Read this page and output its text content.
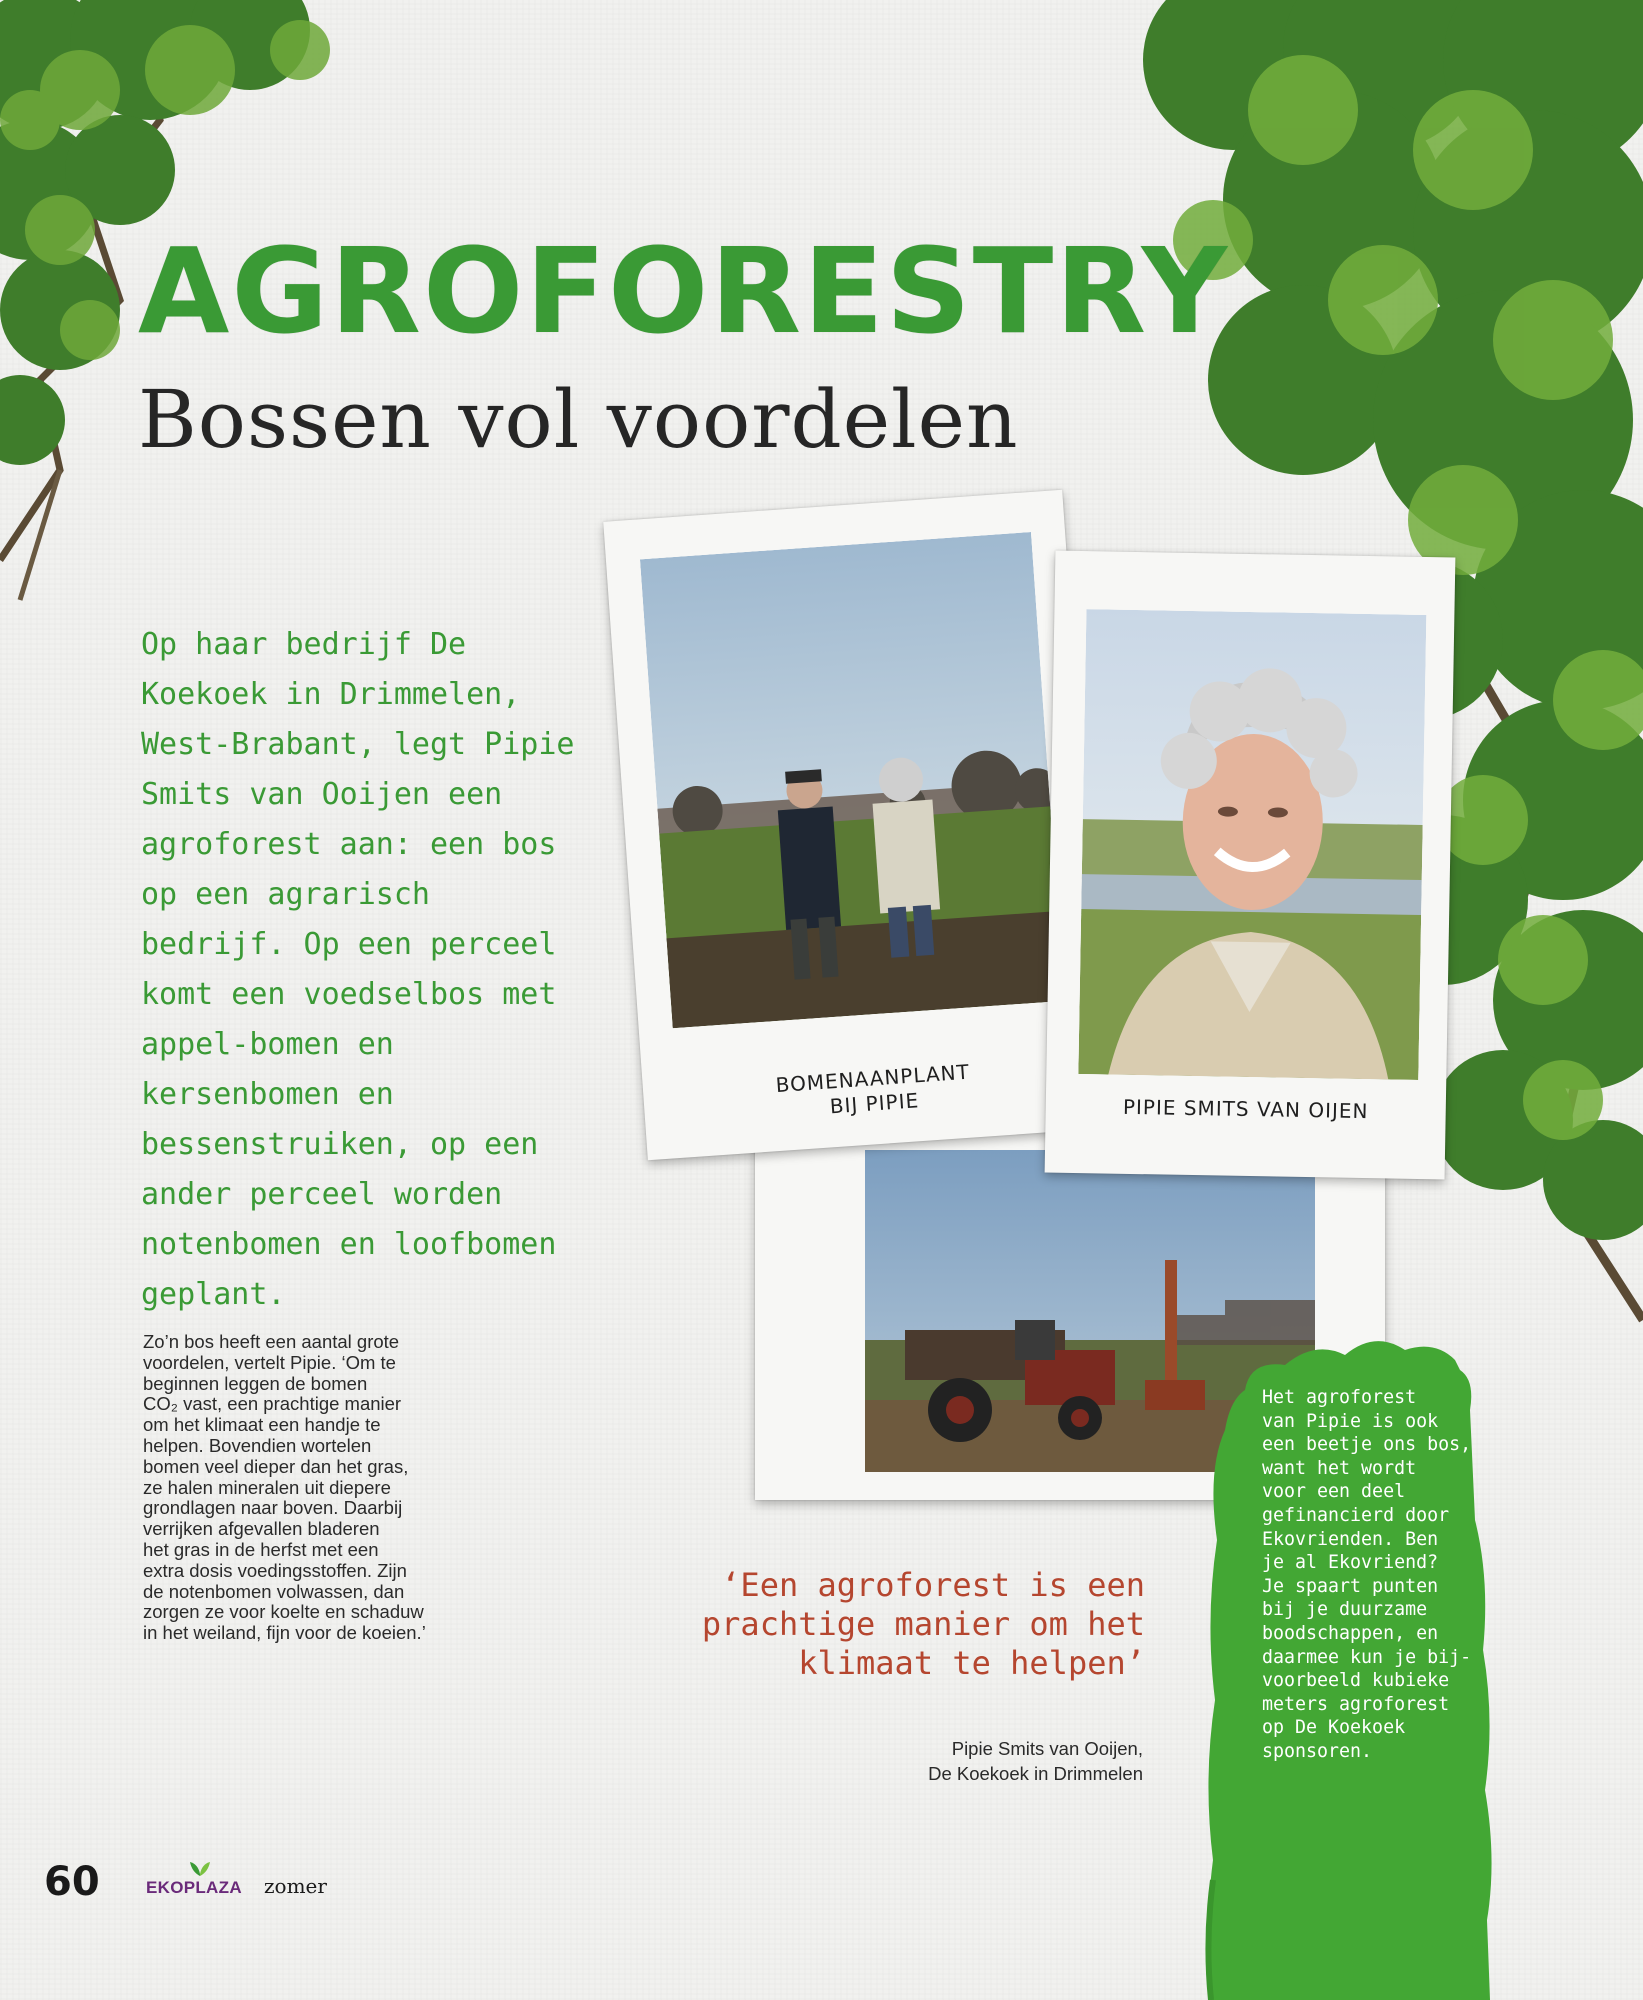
AGROFORESTRY
Bossen vol voordelen

Op haar bedrijf De Koekoek in Drimmelen, West-Brabant, legt Pipie Smits van Ooijen een agroforest aan: een bos op een agrarisch bedrijf. Op een perceel komt een voedselbos met appel-bomen en kersenbomen en bessenstruiken, op een ander perceel worden notenbomen en loofbomen geplant.

Zo’n bos heeft een aantal grote
voordelen, vertelt Pipie. ‘Om te
beginnen leggen de bomen
CO₂ vast, een prachtige manier
om het klimaat een handje te
helpen. Bovendien wortelen
bomen veel dieper dan het gras,
ze halen mineralen uit diepere
grondlagen naar boven. Daarbij
verrijken afgevallen bladeren
het gras in de herfst met een
extra dosis voedingsstoffen. Zijn
de notenbomen volwassen, dan
zorgen ze voor koelte en schaduw
in het weiland, fijn voor de koeien.’

BOMENAANPLANT
BIJ PIPIE	PIPIE SMITS VAN OIJEN

‘Een agroforest is een prachtige manier om het klimaat te helpen’

Pipie Smits van Ooijen,
De Koekoek in Drimmelen

Het agroforest
van Pipie is ook
een beetje ons bos,
want het wordt
voor een deel
gefinancierd door
Ekovrienden. Ben
je al Ekovriend?
Je spaart punten
bij je duurzame
boodschappen, en
daarmee kun je bij-
voorbeeld kubieke
meters agroforest
op De Koekoek
sponsoren.

60	EKOPLAZA zomer
